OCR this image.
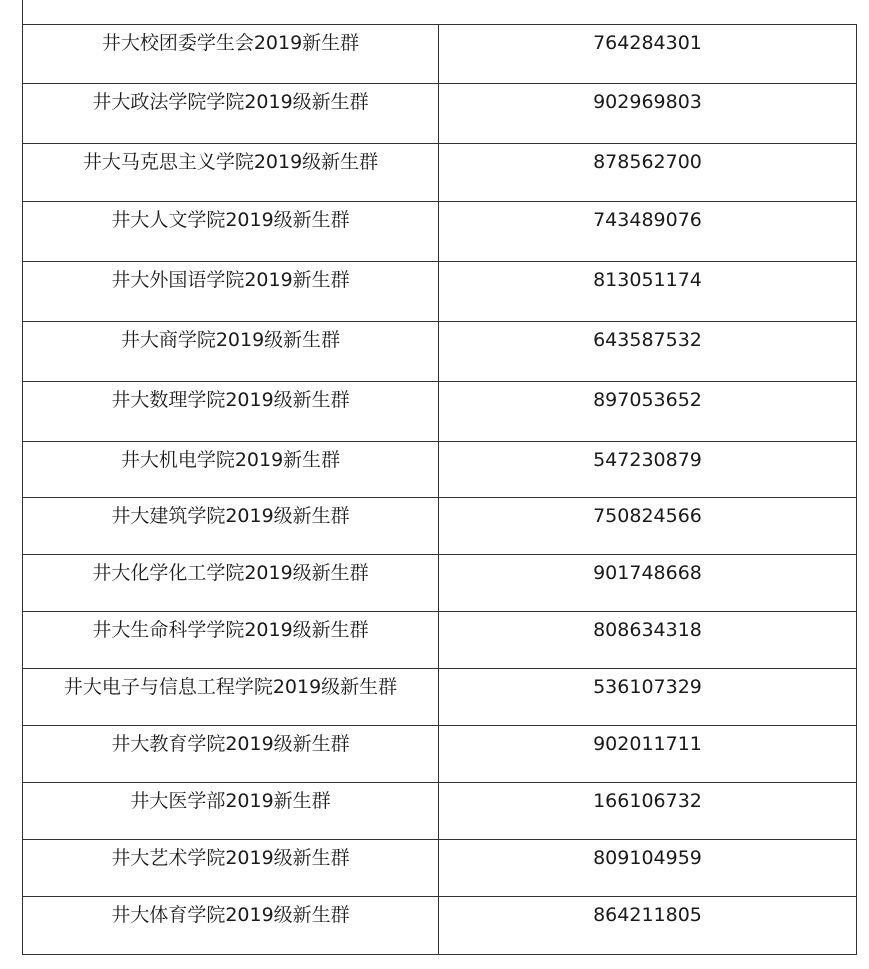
井大校团委学生会2019新生群	764284301

井大政法学院学院2019级新生群	902969803

井大马克思主义学院2019级新生群	878562700

井大人文学院2019级新生群	743489076

井大外国语学院2019新生群	813051174

井大商学院2019级新生群	643587532

井大数理学院2019级新生群	897053652

井大机电学院2019新生群	547230879

井大建筑学院2019级新生群	750824566

井大化学化工学院2019级新生群	901748668

井大生命科学学院2019级新生群	808634318

井大电子与信息工程学院2019级新生群	536107329

井大教育学院2019级新生群	902011711

井大医学部2019新生群	166106732

井大艺术学院2019级新生群	809104959

井大体育学院2019级新生群	864211805
